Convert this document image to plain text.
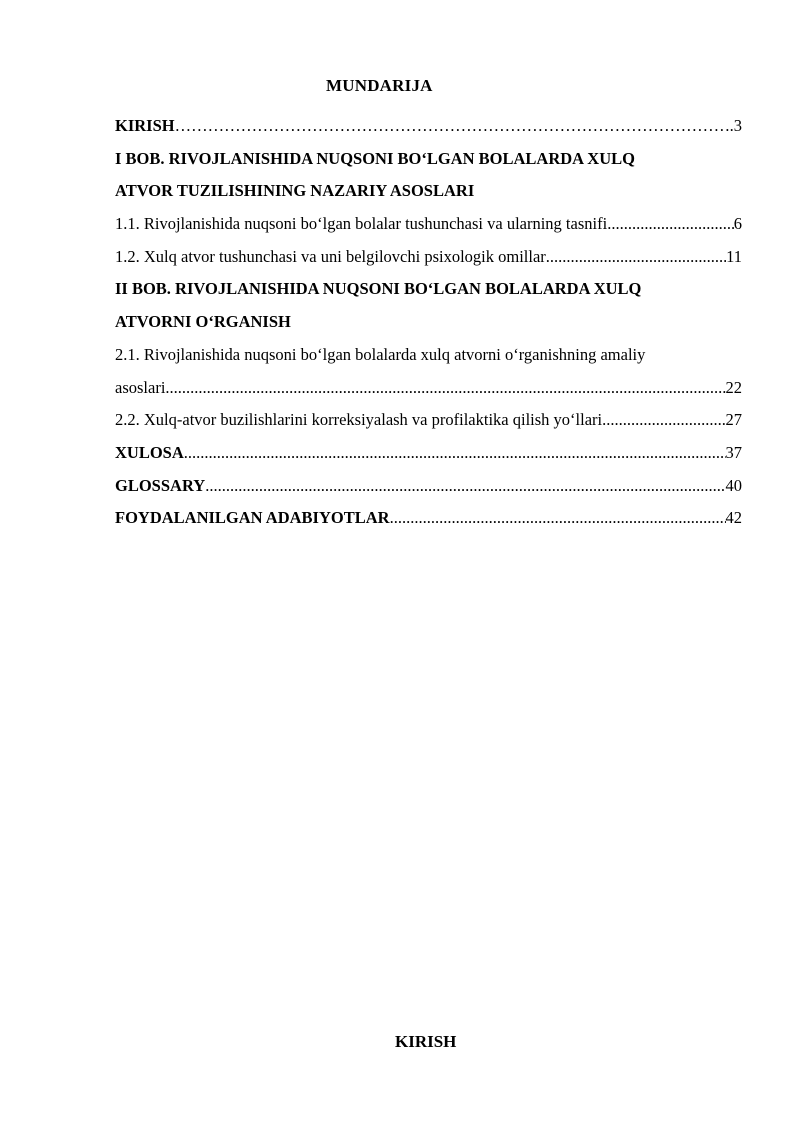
MUNDARIJA
KIRISH ………………………………………………………………………………………………………………………………………………………	.3
I BOB. RIVOJLANISHIDA NUQSONI BO‘LGAN BOLALARDA XULQ
ATVOR TUZILISHINING NAZARIY ASOSLARI
1.1. Rivojlanishida nuqsoni bo‘lgan bolalar tushunchasi va ularning tasnifi .....	6
1.2. Xulq atvor tushunchasi va uni belgilovchi psixologik omillar .....	11
II BOB. RIVOJLANISHIDA NUQSONI BO‘LGAN BOLALARDA XULQ
ATVORNI O‘RGANISH
2.1. Rivojlanishida nuqsoni bo‘lgan bolalarda xulq atvorni o‘rganishning amaliy
asoslari .....	22
2.2. Xulq-atvor buzilishlarini korreksiyalash va profilaktika qilish yo‘llari .....	27
XULOSA .....	37
GLOSSARY .....	40
FOYDALANILGAN ADABIYOTLAR .....	42
KIRISH
